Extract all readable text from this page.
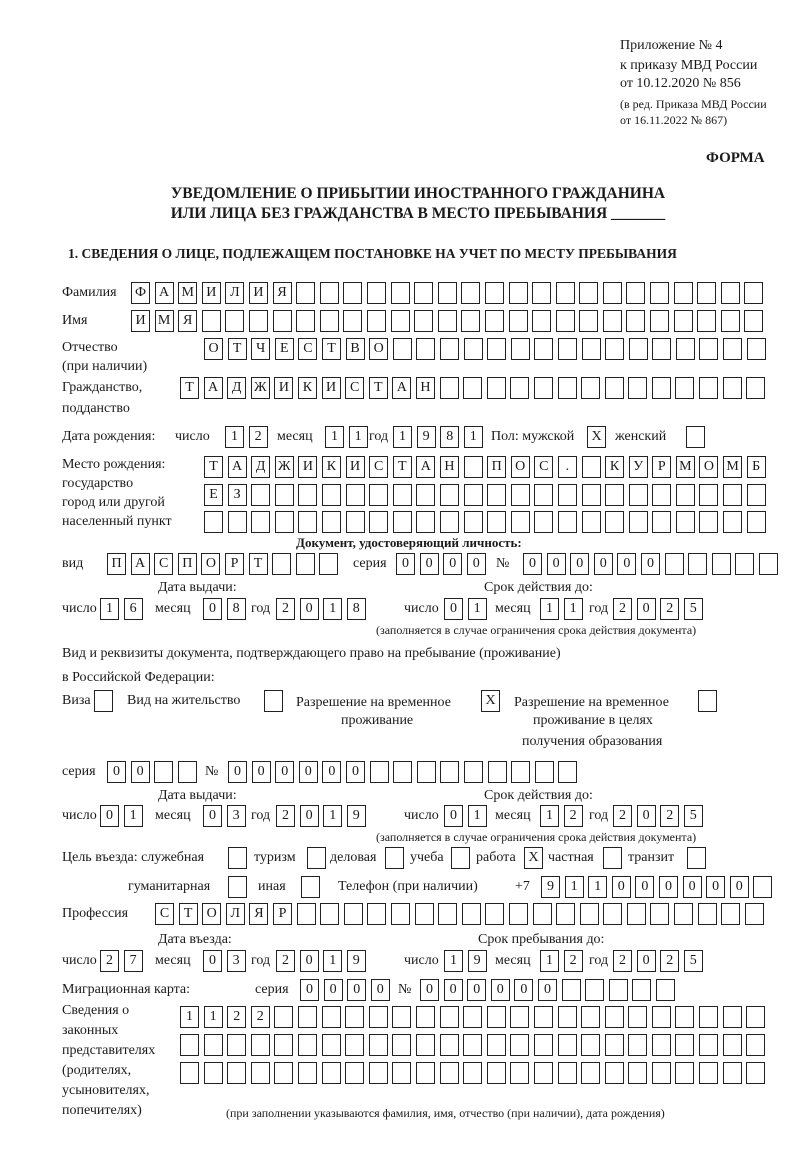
Приложение № 4
к приказу МВД России
от 10.12.2020 № 856
(в ред. Приказа МВД России
от 16.11.2022 № 867)
ФОРМА
УВЕДОМЛЕНИЕ О ПРИБЫТИИ ИНОСТРАННОГО ГРАЖДАНИНА
ИЛИ ЛИЦА БЕЗ ГРАЖДАНСТВА В МЕСТО ПРЕБЫВАНИЯ _______
1. СВЕДЕНИЯ О ЛИЦЕ, ПОДЛЕЖАЩЕМ ПОСТАНОВКЕ НА УЧЕТ ПО МЕСТУ ПРЕБЫВАНИЯ
Фамилия Ф А М И Л И Я
Имя	И М Я
Отчество
(при наличии)
О	Т	Ч	Е	С	Т	В О
Гражданство,
подданство
Т	А Д Ж И К И С	Т	А Н
Дата рождения: число	1	2	месяц	1	1 год 1	9	8	1	Пол: мужской	X женский
Место рождения:
государство
город или другой
населенный пункт
Т	А Д Ж И К И С	Т	А Н	П О С	.	К У	Р М О М Б
Е	З
Документ, удостоверяющий личность:
вид	П А С П О	Р	Т	серия	0	0	0	0	№	0	0	0	0	0	0
Дата выдачи:	Срок действия до:
число 1	6	месяц	0	8 год 2	0	1	8	число 0	1	месяц	1	1 год 2	0	2	5
(заполняется в случае ограничения срока действия документа)
Вид и реквизиты документа, подтверждающего право на пребывание (проживание)
в Российской Федерации:
Виза	Вид на жительство	Разрешение на временное
проживание
X	Разрешение на временное
проживание в целях
получения образования
серия	0	0	№	0	0	0	0	0	0
Дата выдачи:	Срок действия до:
число 0	1	месяц	0	3 год 2	0	1	9	число 0	1	месяц	1	2 год 2	0	2	5
(заполняется в случае ограничения срока действия документа)
Цель въезда: служебная	туризм деловая учеба работа X частная транзит
гуманитарная	иная	Телефон (при наличии)	+7	9	1	1	0	0	0	0	0	0
Профессия	С	Т	О Л	Я	Р
Дата въезда:	Срок пребывания до:
число 2	7	месяц	0	3 год 2	0	1	9	число 1	9	месяц	1	2 год 2	0	2	5
Миграционная карта:	серия	0	0	0	0	№	0	0	0	0	0	0
Сведения о
законных
представителях
(родителях,
усыновителях,
попечителях)
1	1	2	2
(при заполнении указываются фамилия, имя, отчество (при наличии), дата рождения)
